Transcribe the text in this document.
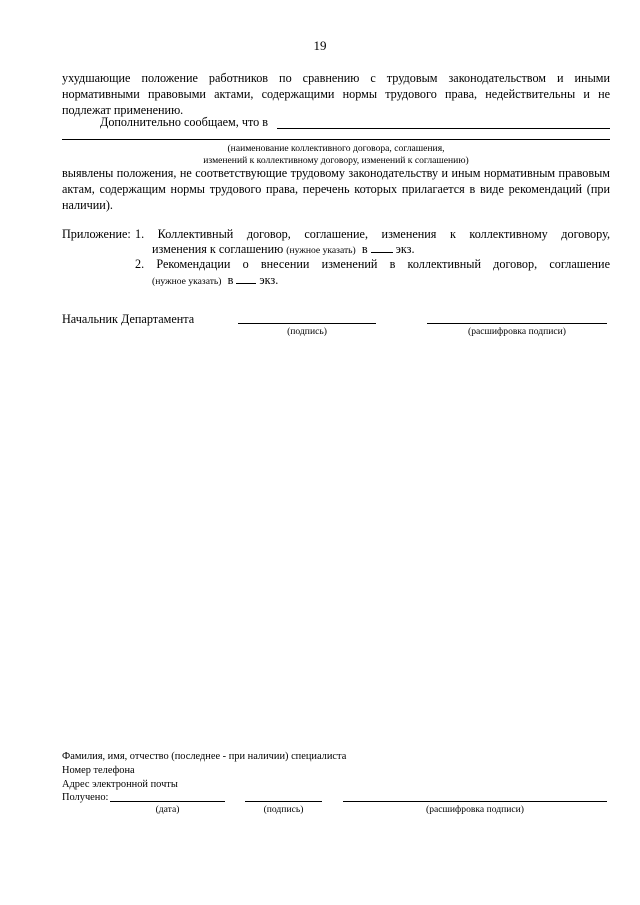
19
ухудшающие положение работников по сравнению с трудовым законодательством и иными нормативными правовыми актами, содержащими нормы трудового права, недействительны и не подлежат применению.
Дополнительно сообщаем, что в
(наименование коллективного договора, соглашения,
изменений к коллективному договору, изменений к соглашению)
выявлены положения, не соответствующие трудовому законодательству и иным нормативным правовым актам, содержащим нормы трудового права, перечень которых прилагается в виде рекомендаций (при наличии).
Приложение: 1. Коллективный договор, соглашение, изменения к коллективному договору,
изменения к соглашению (нужное указать) в экз.
2. Рекомендации о внесении изменений в коллективный договор, соглашение
(нужное указать) в экз.
Начальник Департамента
(подпись)	(расшифровка подписи)
Фамилия, имя, отчество (последнее - при наличии) специалиста
Номер телефона
Адрес электронной почты
Получено:
(дата)	(подпись)	(расшифровка подписи)
